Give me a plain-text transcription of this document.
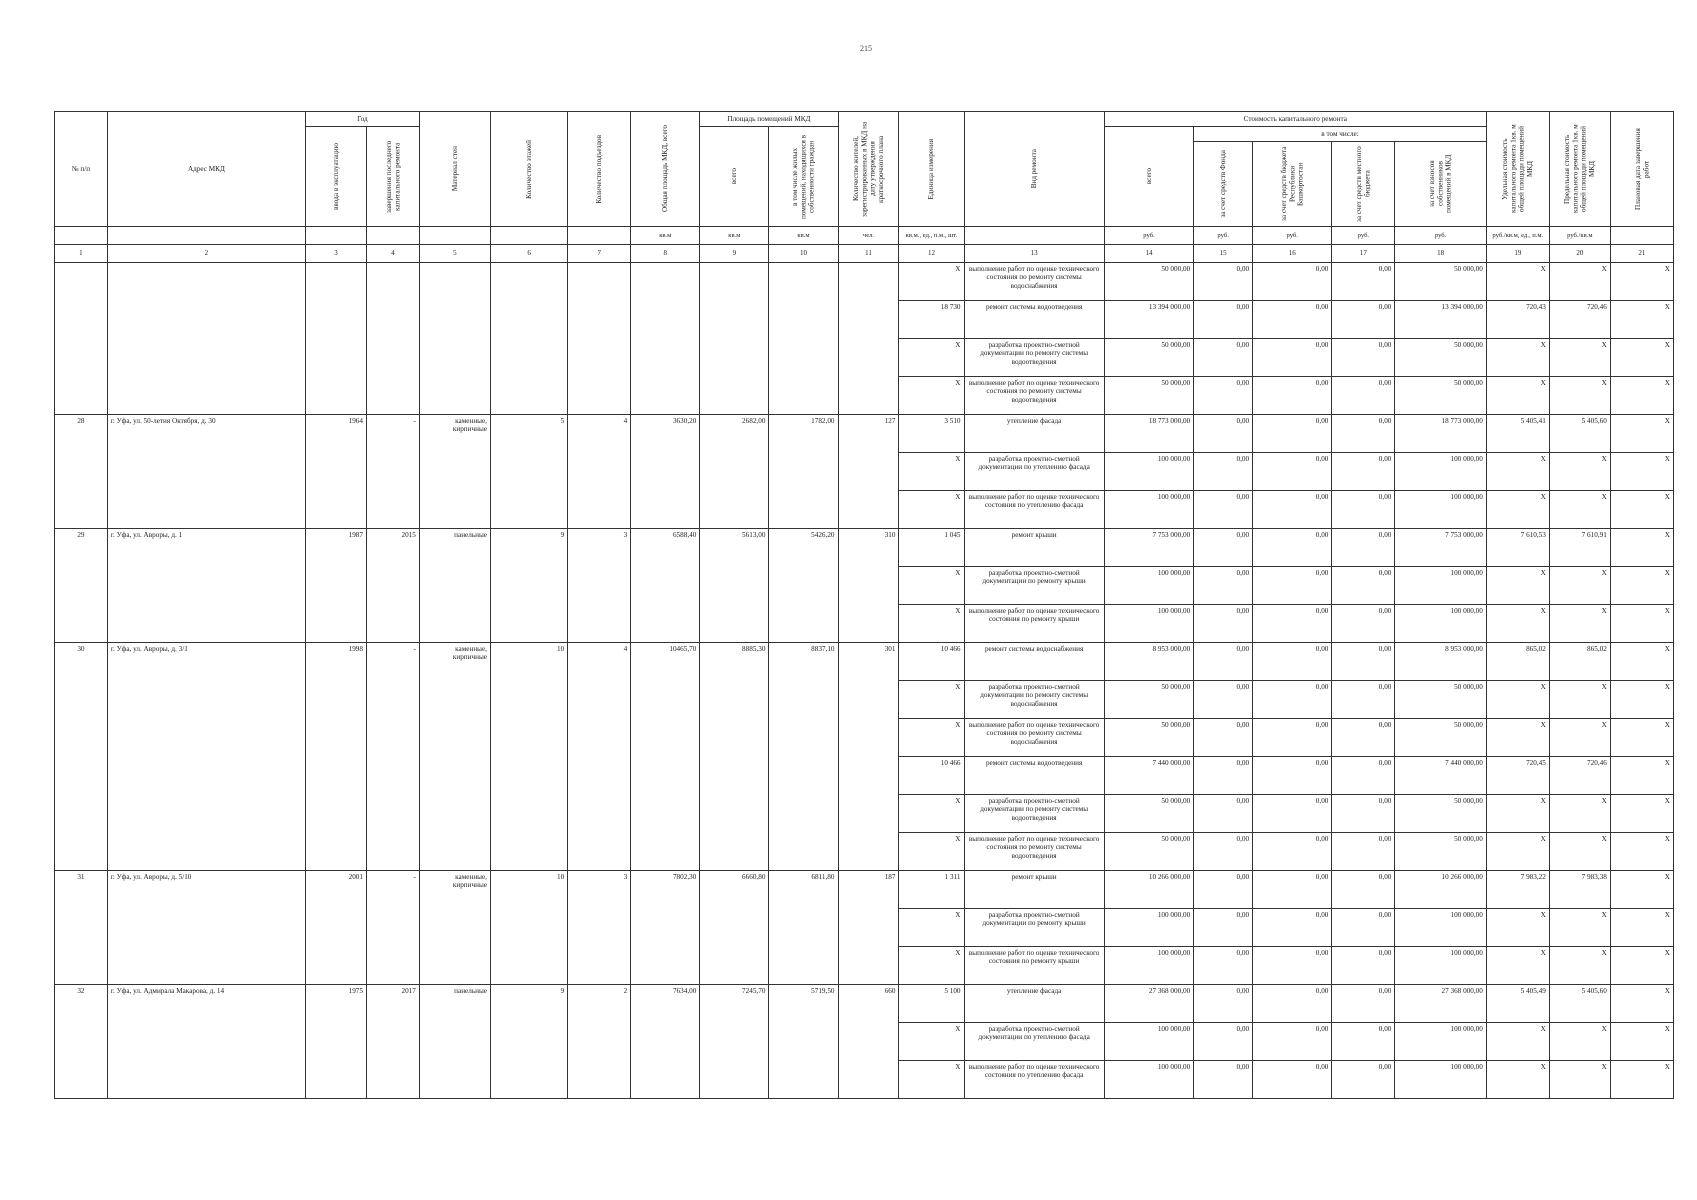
215
№ п/п	Адрес МКД	Год		Материал стен	Количество этажей	Количество подъездов	Общая площадь МКД, всего	Площадь помещений МКД		Количество жителей, зарегистрированных в МКД на дату утверждения краткосрочного плана	Единица измерения	Вид ремонта	Стоимость капитального ремонта					Удельная стоимость капитального ремонта 1кв. м общей площади помещений МКД	Предельная стоимость капитального ремонта 1кв. м общей площади помещений МКД	Плановая дата завершения работ

		ввода в эксплуатацию	завершения последнего капитального ремонта					всего	в том числе жилых помещений, находящихся в собственности граждан				всего	в том числе:						

														за счет средств Фонда	за счет средств бюджета Республики Башкортостан	за счет средств местного бюджета	за счет взносов собственников помещений в МКД			

							кв.м	кв.м	кв.м	чел.	кв.м., ед., п.м., шт.		руб.	руб.	руб.	руб.	руб.	руб./кв.м, ед., п.м.	руб./кв.м	
1	2	3	4	5	6	7	8	9	10	11	12	13	14	15	16	17	18	19	20	21
											X	выполнение работ по оценке технического состояния по ремонту системы водоснабжения	50 000,00	0,00	0,00	0,00	50 000,00	X	X	X
											18 730	ремонт системы водоотведения	13 394 000,00	0,00	0,00	0,00	13 394 000,00	720,43	720,46	X
											X	разработка проектно-сметной документации по ремонту системы водоотведения	50 000,00	0,00	0,00	0,00	50 000,00	X	X	X
											X	выполнение работ по оценке технического состояния по ремонту системы водоотведения	50 000,00	0,00	0,00	0,00	50 000,00	X	X	X
28	г. Уфа, ул. 50-летия Октября, д. 30	1964	-	каменные, кирпичные	5	4	3630,20	2682,00	1782,00	127	3 510	утепление фасада	18 773 000,00	0,00	0,00	0,00	18 773 000,00	5 405,41	5 405,60	X
											X	разработка проектно-сметной документации по утеплению фасада	100 000,00	0,00	0,00	0,00	100 000,00	X	X	X
											X	выполнение работ по оценке технического состояния по утеплению фасада	100 000,00	0,00	0,00	0,00	100 000,00	X	X	X
29	г. Уфа, ул. Авроры, д. 1	1987	2015	панельные	9	3	6588,40	5613,00	5426,20	310	1 045	ремонт крыши	7 753 000,00	0,00	0,00	0,00	7 753 000,00	7 610,53	7 610,91	X
											X	разработка проектно-сметной документации по ремонту крыши	100 000,00	0,00	0,00	0,00	100 000,00	X	X	X
											X	выполнение работ по оценке технического состояния по ремонту крыши	100 000,00	0,00	0,00	0,00	100 000,00	X	X	X
30	г. Уфа, ул. Авроры, д. 3/1	1998	-	каменные, кирпичные	10	4	10465,70	8885,30	8837,10	301	10 466	ремонт системы водоснабжения	8 953 000,00	0,00	0,00	0,00	8 953 000,00	865,02	865,02	X
											X	разработка проектно-сметной документации по ремонту системы водоснабжения	50 000,00	0,00	0,00	0,00	50 000,00	X	X	X
											X	выполнение работ по оценке технического состояния по ремонту системы водоснабжения	50 000,00	0,00	0,00	0,00	50 000,00	X	X	X
											10 466	ремонт системы водоотведения	7 440 000,00	0,00	0,00	0,00	7 440 000,00	720,45	720,46	X
											X	разработка проектно-сметной документации по ремонту системы водоотведения	50 000,00	0,00	0,00	0,00	50 000,00	X	X	X
											X	выполнение работ по оценке технического состояния по ремонту системы водоотведения	50 000,00	0,00	0,00	0,00	50 000,00	X	X	X
31	г. Уфа, ул. Авроры, д. 5/10	2001	-	каменные, кирпичные	10	3	7802,30	6660,80	6811,80	187	1 311	ремонт крыши	10 266 000,00	0,00	0,00	0,00	10 266 000,00	7 983,22	7 983,38	X
											X	разработка проектно-сметной документации по ремонту крыши	100 000,00	0,00	0,00	0,00	100 000,00	X	X	X
											X	выполнение работ по оценке технического состояния по ремонту крыши	100 000,00	0,00	0,00	0,00	100 000,00	X	X	X
32	г. Уфа, ул. Адмирала Макарова, д. 14	1975	2017	панельные	9	2	7634,00	7245,70	5719,50	660	5 100	утепление фасада	27 368 000,00	0,00	0,00	0,00	27 368 000,00	5 405,49	5 405,60	X
											X	разработка проектно-сметной документации по утеплению фасада	100 000,00	0,00	0,00	0,00	100 000,00	X	X	X
											X	выполнение работ по оценке технического состояния по утеплению фасада	100 000,00	0,00	0,00	0,00	100 000,00	X	X	X
